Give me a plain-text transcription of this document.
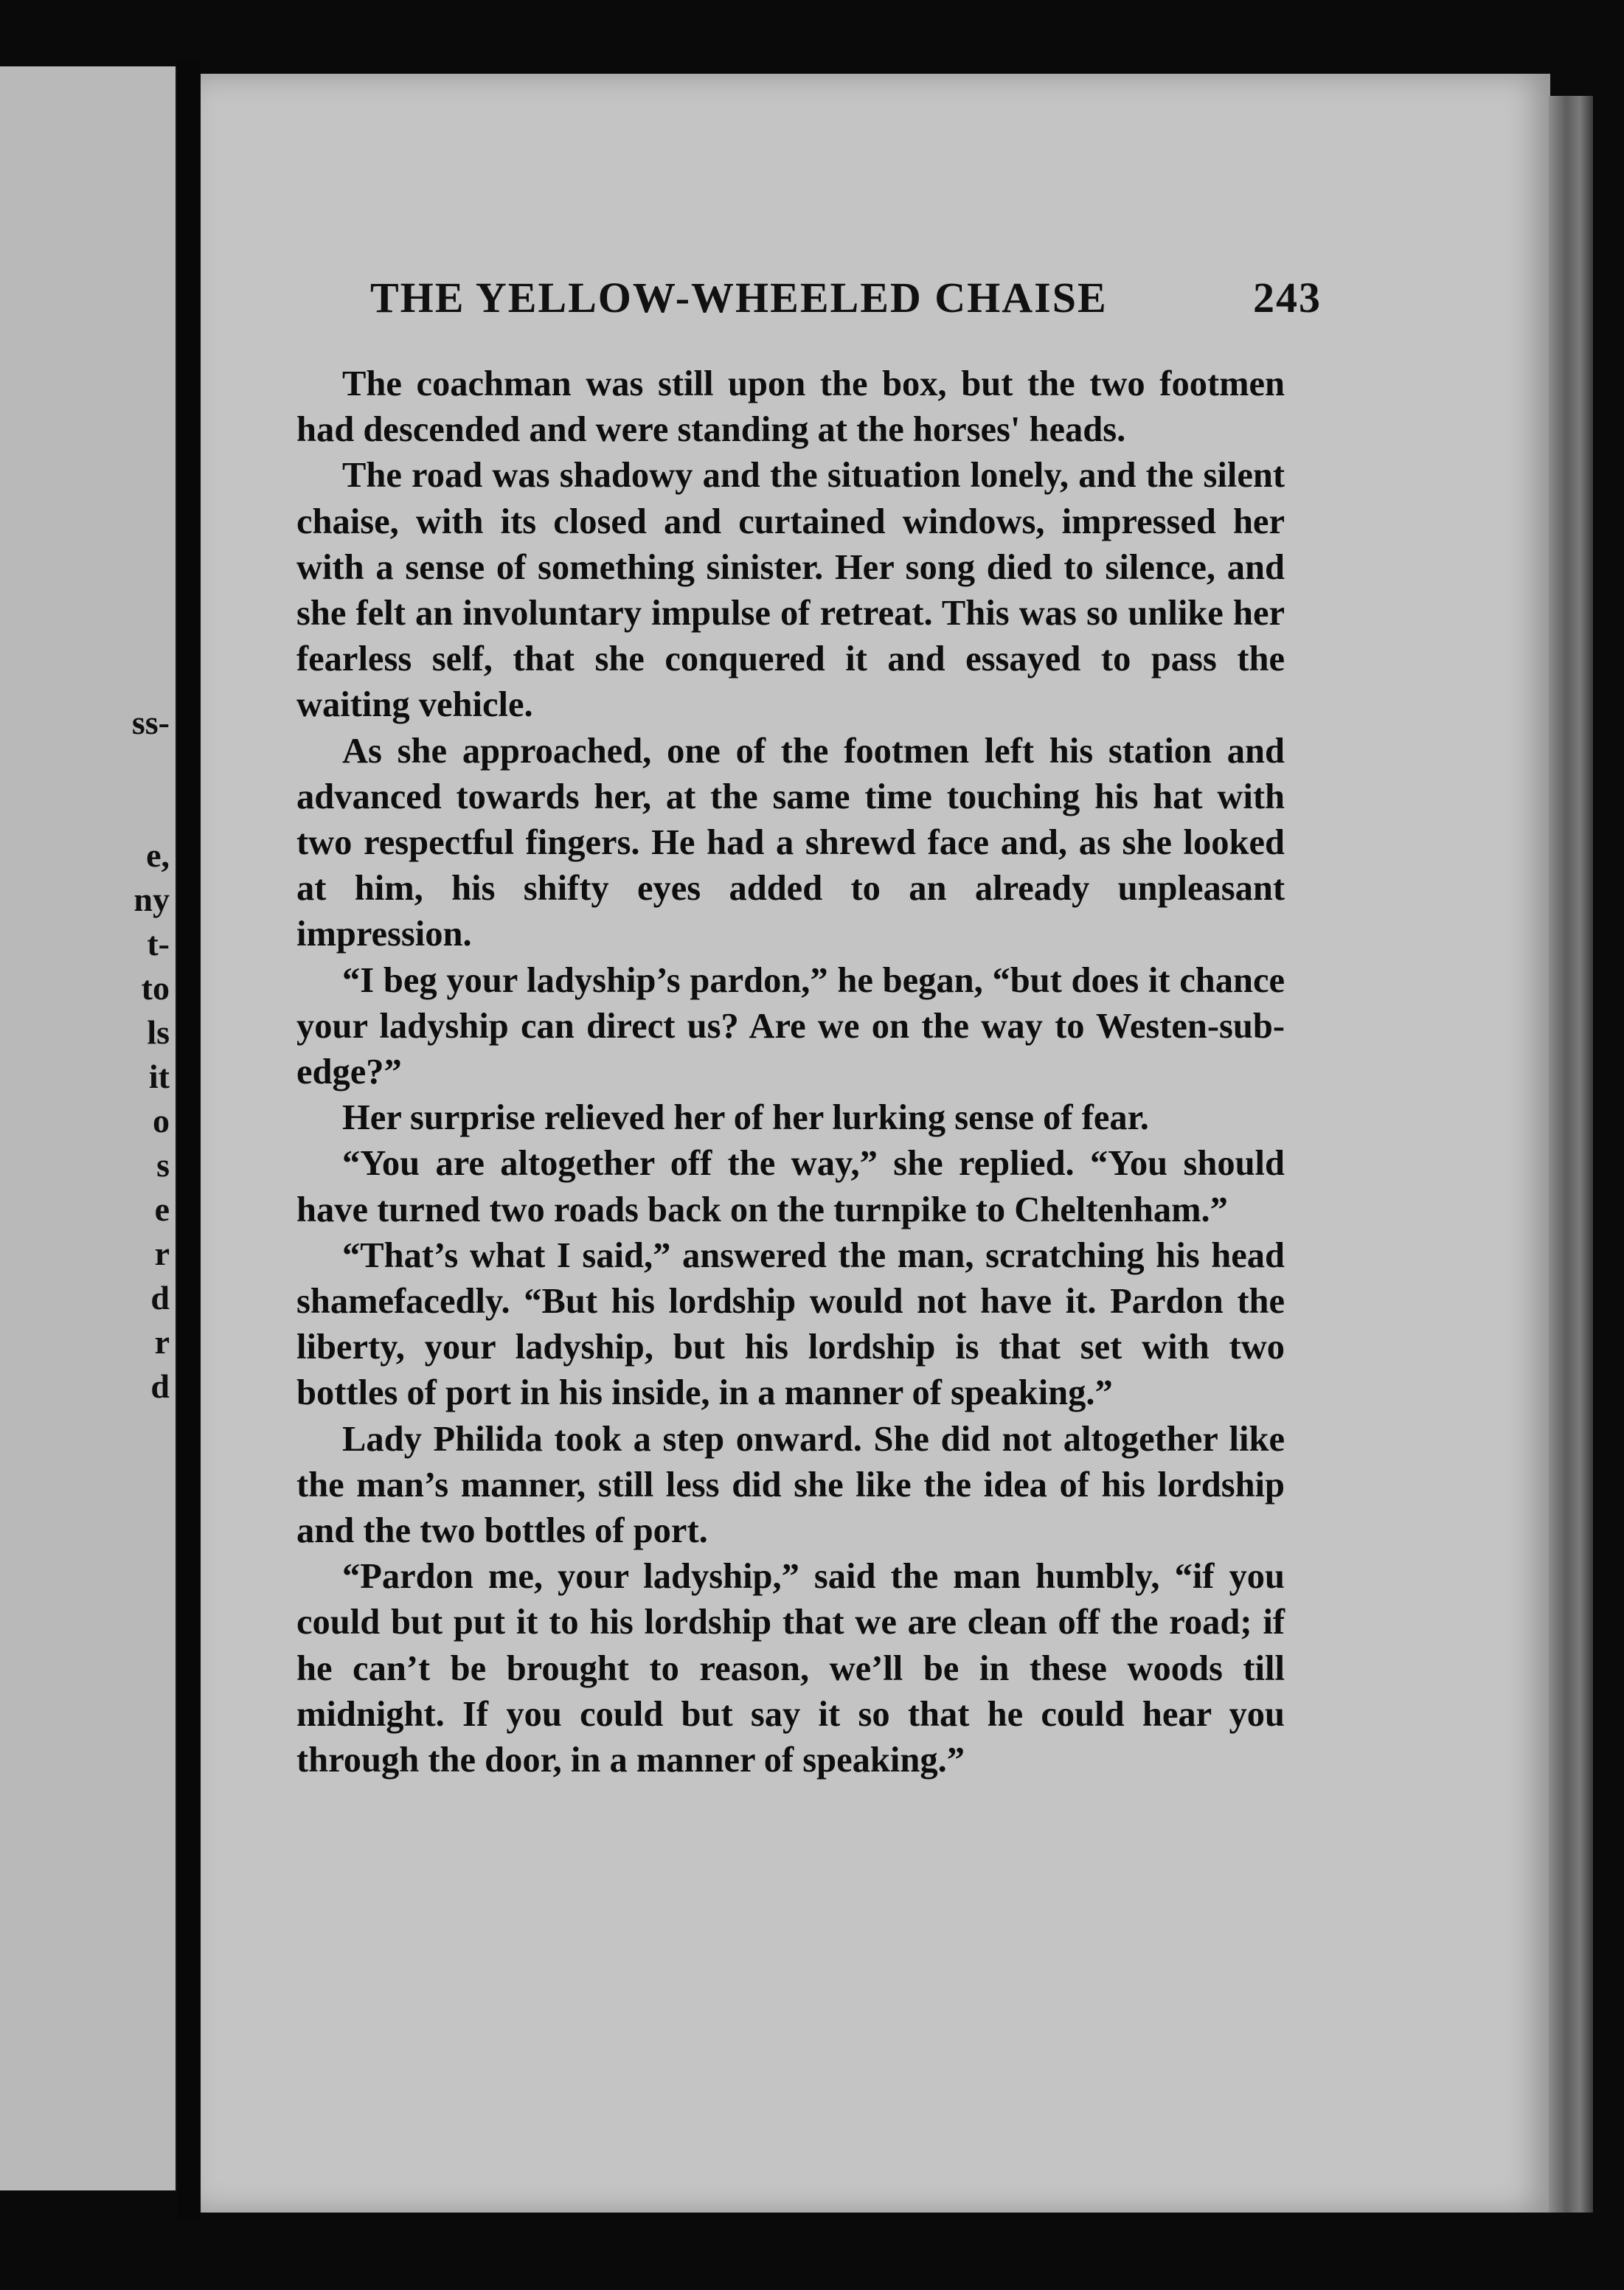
ss-
e,
ny
t-
to
ls
it
o
s
e
r
d
r
d
THE YELLOW-WHEELED CHAISE	243

The coachman was still upon the box, but the two footmen had descended and were standing at the horses' heads.

The road was shadowy and the situation lonely, and the silent chaise, with its closed and curtained windows, impressed her with a sense of something sinister. Her song died to silence, and she felt an involuntary impulse of retreat. This was so unlike her fearless self, that she conquered it and essayed to pass the waiting vehicle.

As she approached, one of the footmen left his station and advanced towards her, at the same time touching his hat with two respectful fingers. He had a shrewd face and, as she looked at him, his shifty eyes added to an already unpleasant impression.

“I beg your ladyship’s pardon,” he began, “but does it chance your ladyship can direct us? Are we on the way to Westen-sub-edge?”

Her surprise relieved her of her lurking sense of fear.

“You are altogether off the way,” she replied. “You should have turned two roads back on the turnpike to Cheltenham.”

“That’s what I said,” answered the man, scratching his head shamefacedly. “But his lordship would not have it. Pardon the liberty, your ladyship, but his lordship is that set with two bottles of port in his inside, in a manner of speaking.”

Lady Philida took a step onward. She did not altogether like the man’s manner, still less did she like the idea of his lordship and the two bottles of port.

“Pardon me, your ladyship,” said the man humbly, “if you could but put it to his lordship that we are clean off the road; if he can’t be brought to reason, we’ll be in these woods till midnight. If you could but say it so that he could hear you through the door, in a manner of speaking.”
